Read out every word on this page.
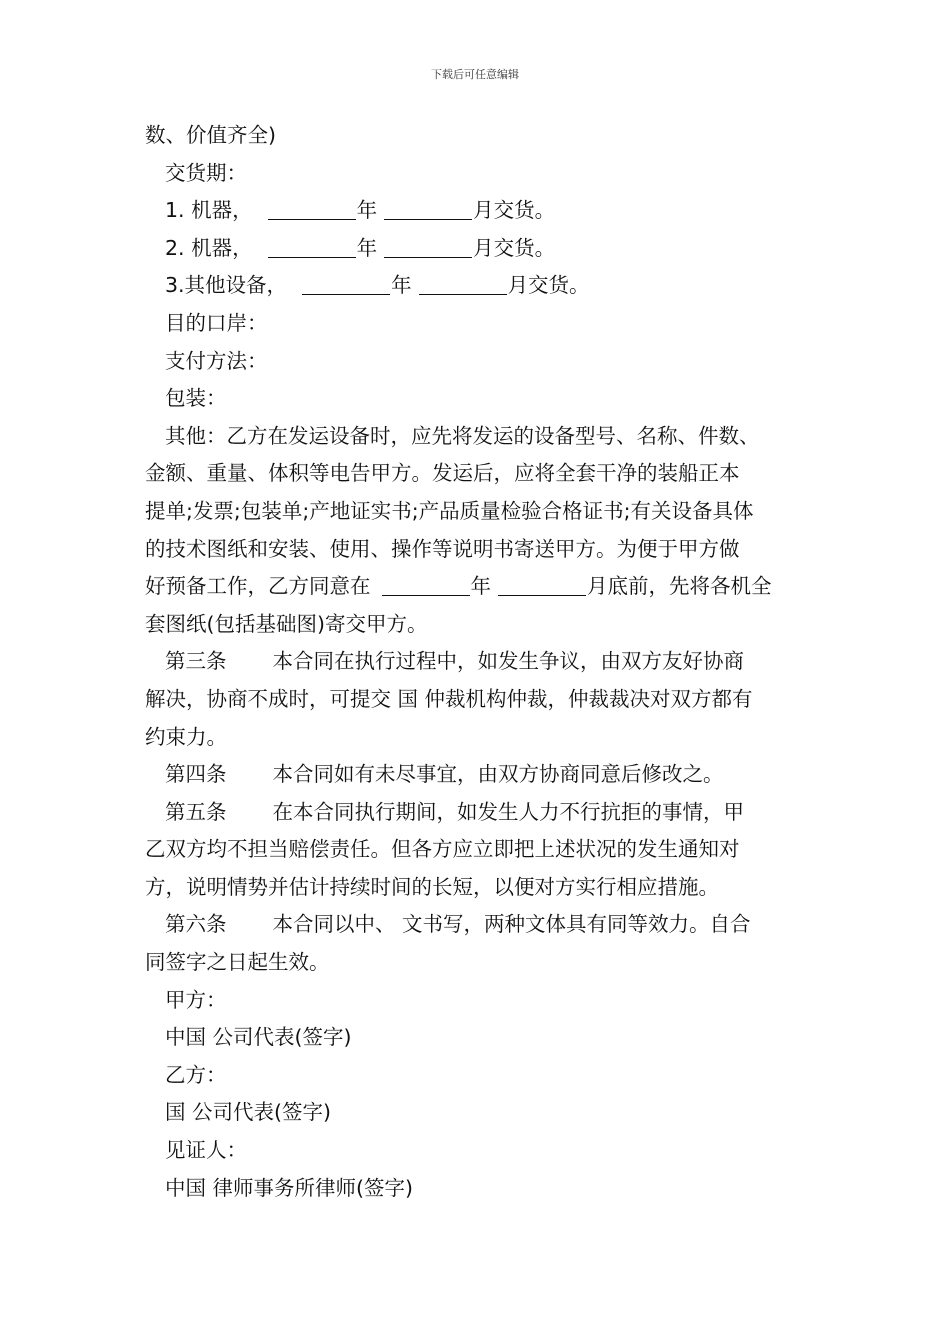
下载后可任意编辑
数、价值齐全)
交货期：
1. 机器，	年	月交货。
2. 机器，	年	月交货。
3.其他设备，	年	月交货。
目的口岸：
支付方法：
包装：
其他：乙方在发运设备时，应先将发运的设备型号、名称、件数、
金额、重量、体积等电告甲方。发运后，应将全套干净的装船正本
提单;发票;包装单;产地证实书;产品质量检验合格证书;有关设备具体
的技术图纸和安装、使用、操作等说明书寄送甲方。为便于甲方做
好预备工作，乙方同意在	年	月底前，先将各机全
套图纸(包括基础图)寄交甲方。
第三条 本合同在执行过程中，如发生争议，由双方友好协商
解决，协商不成时，可提交 国 仲裁机构仲裁，仲裁裁决对双方都有
约束力。
第四条 本合同如有未尽事宜，由双方协商同意后修改之。
第五条 在本合同执行期间，如发生人力不行抗拒的事情，甲
乙双方均不担当赔偿责任。但各方应立即把上述状况的发生通知对
方，说明情势并估计持续时间的长短，以便对方实行相应措施。
第六条 本合同以中、 文书写，两种文体具有同等效力。自合
同签字之日起生效。
甲方：
中国 公司代表(签字)
乙方：
国 公司代表(签字)
见证人：
中国 律师事务所律师(签字)
